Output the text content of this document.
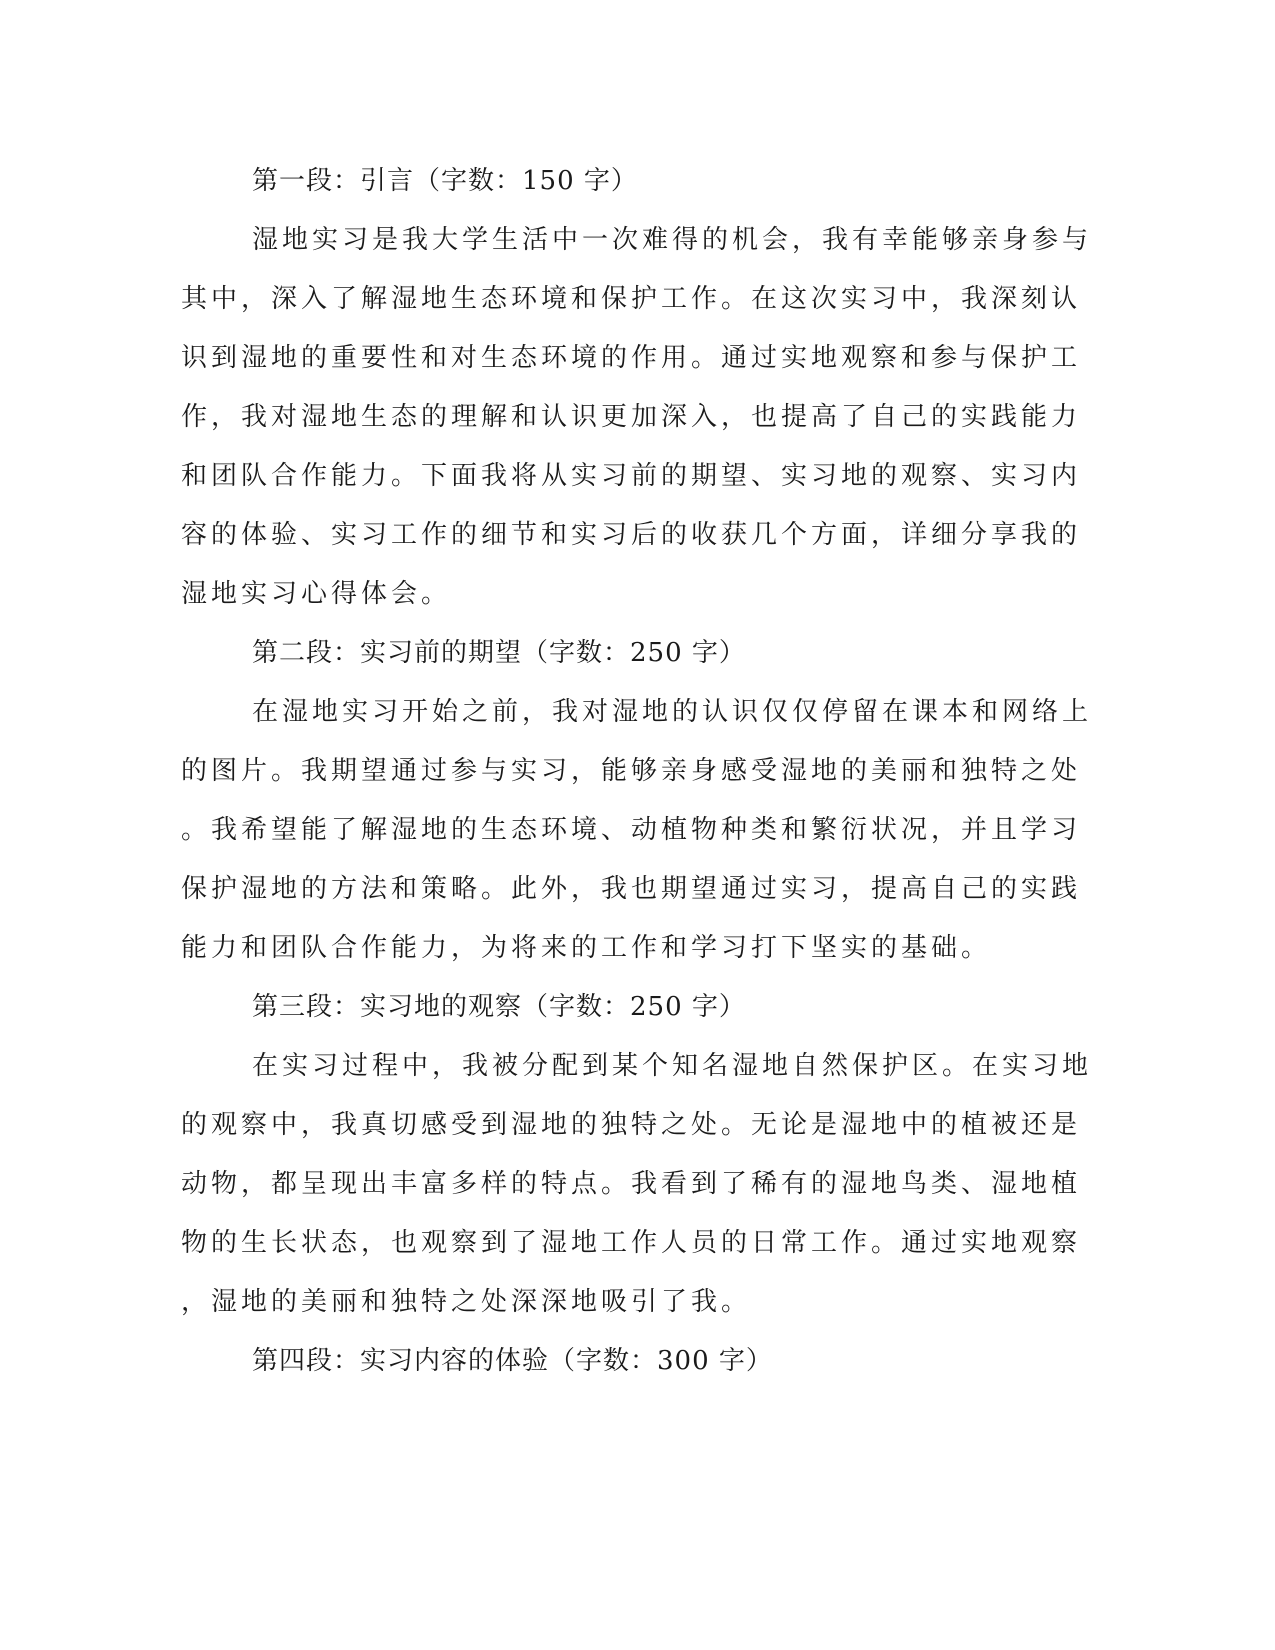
第一段：引言（字数：150 字）
湿地实习是我大学生活中一次难得的机会，我有幸能够亲身参与
其中，深入了解湿地生态环境和保护工作。在这次实习中，我深刻认
识到湿地的重要性和对生态环境的作用。通过实地观察和参与保护工
作，我对湿地生态的理解和认识更加深入，也提高了自己的实践能力
和团队合作能力。下面我将从实习前的期望、实习地的观察、实习内
容的体验、实习工作的细节和实习后的收获几个方面，详细分享我的
湿地实习心得体会。
第二段：实习前的期望（字数：250 字）
在湿地实习开始之前，我对湿地的认识仅仅停留在课本和网络上
的图片。我期望通过参与实习，能够亲身感受湿地的美丽和独特之处
。我希望能了解湿地的生态环境、动植物种类和繁衍状况，并且学习
保护湿地的方法和策略。此外，我也期望通过实习，提高自己的实践
能力和团队合作能力，为将来的工作和学习打下坚实的基础。
第三段：实习地的观察（字数：250 字）
在实习过程中，我被分配到某个知名湿地自然保护区。在实习地
的观察中，我真切感受到湿地的独特之处。无论是湿地中的植被还是
动物，都呈现出丰富多样的特点。我看到了稀有的湿地鸟类、湿地植
物的生长状态，也观察到了湿地工作人员的日常工作。通过实地观察
，湿地的美丽和独特之处深深地吸引了我。
第四段：实习内容的体验（字数：300 字）
